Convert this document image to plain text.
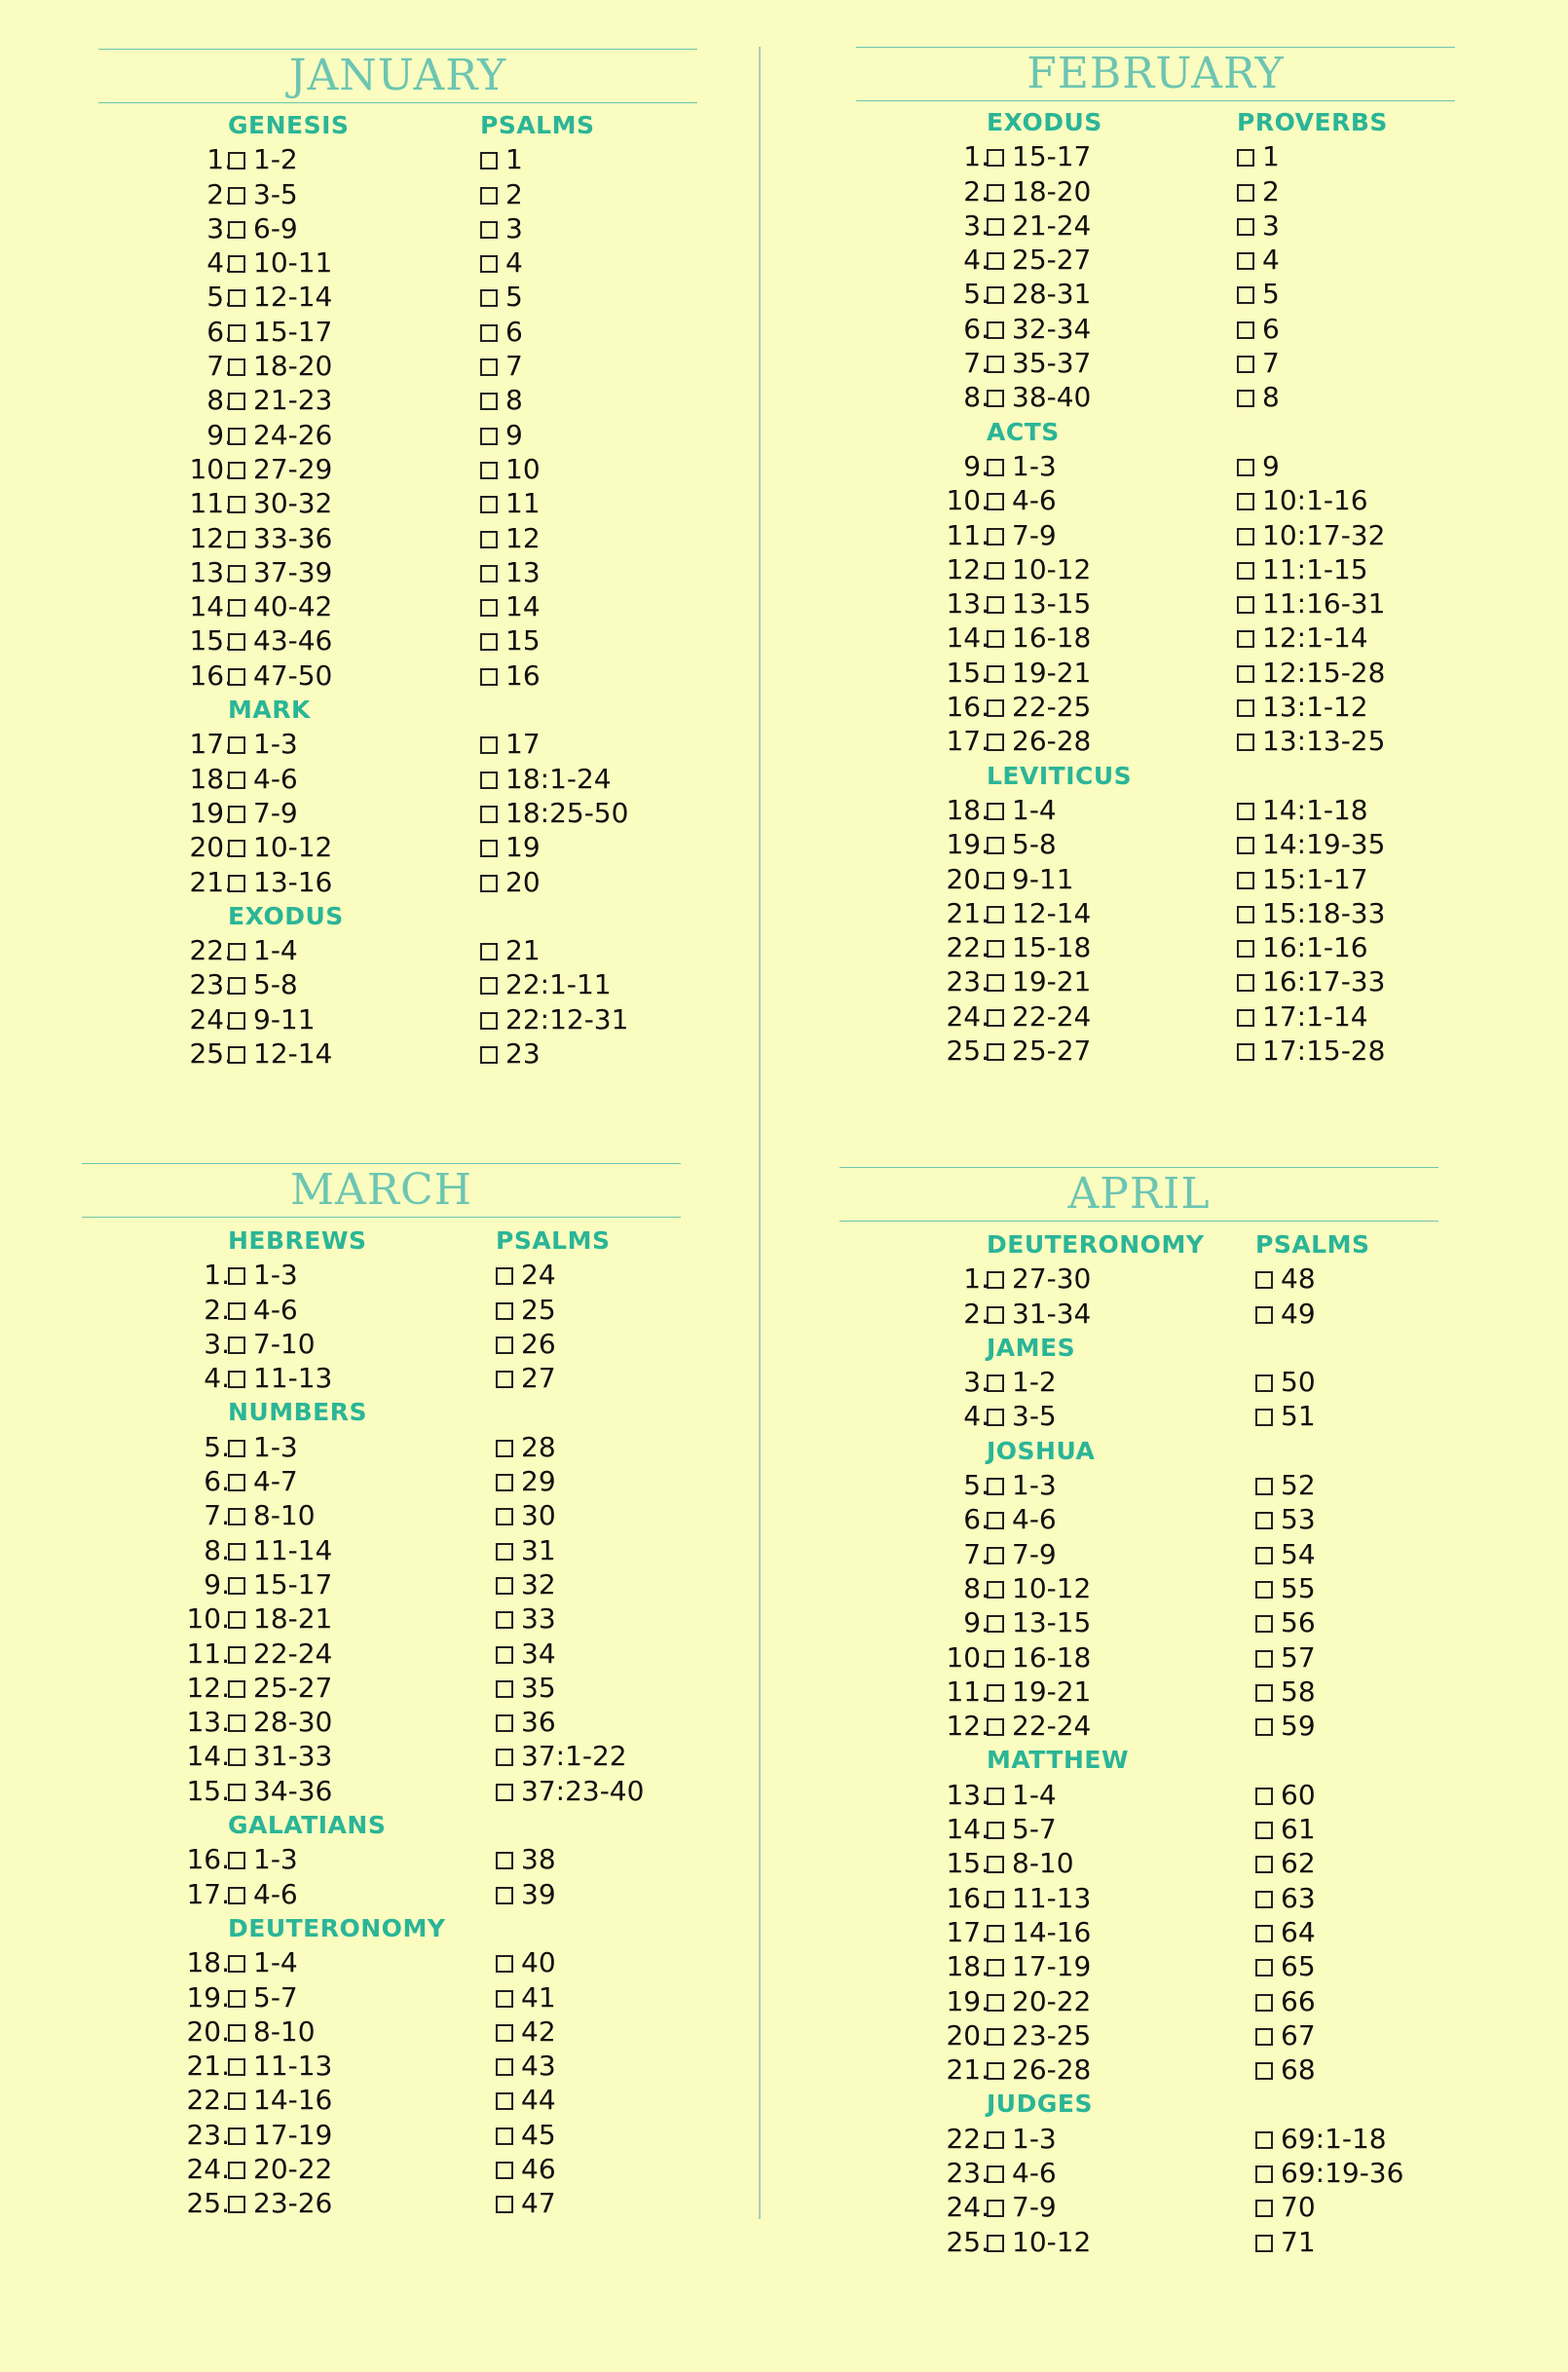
JANUARY
GENESIS	PSALMS
1. 1-2	1
2. 3-5	2
3. 6-9	3
4. 10-11	4
5. 12-14	5
6. 15-17	6
7. 18-20	7
8. 21-23	8
9. 24-26	9
10. 27-29	10
11. 30-32	11
12. 33-36	12
13. 37-39	13
14. 40-42	14
15. 43-46	15
16. 47-50	16
MARK
17. 1-3	17
18. 4-6	18:1-24
19. 7-9	18:25-50
20. 10-12	19
21. 13-16	20
EXODUS
22. 1-4	21
23. 5-8	22:1-11
24. 9-11	22:12-31
25. 12-14	23
FEBRUARY
EXODUS	PROVERBS
1. 15-17	1
2. 18-20	2
3. 21-24	3
4. 25-27	4
5. 28-31	5
6. 32-34	6
7. 35-37	7
8. 38-40	8
ACTS
9. 1-3	9
10. 4-6	10:1-16
11. 7-9	10:17-32
12. 10-12	11:1-15
13. 13-15	11:16-31
14. 16-18	12:1-14
15. 19-21	12:15-28
16. 22-25	13:1-12
17. 26-28	13:13-25
LEVITICUS
18. 1-4	14:1-18
19. 5-8	14:19-35
20. 9-11	15:1-17
21. 12-14	15:18-33
22. 15-18	16:1-16
23. 19-21	16:17-33
24. 22-24	17:1-14
25. 25-27	17:15-28
MARCH
HEBREWS	PSALMS
1. 1-3	24
2. 4-6	25
3. 7-10	26
4. 11-13	27
NUMBERS
5. 1-3	28
6. 4-7	29
7. 8-10	30
8. 11-14	31
9. 15-17	32
10. 18-21	33
11. 22-24	34
12. 25-27	35
13. 28-30	36
14. 31-33	37:1-22
15. 34-36	37:23-40
GALATIANS
16. 1-3	38
17. 4-6	39
DEUTERONOMY
18. 1-4	40
19. 5-7	41
20. 8-10	42
21. 11-13	43
22. 14-16	44
23. 17-19	45
24. 20-22	46
25. 23-26	47
APRIL
DEUTERONOMY PSALMS
1. 27-30	48
2. 31-34	49
JAMES
3. 1-2	50
4. 3-5	51
JOSHUA
5. 1-3	52
6. 4-6	53
7. 7-9	54
8. 10-12	55
9. 13-15	56
10. 16-18	57
11. 19-21	58
12. 22-24	59
MATTHEW
13. 1-4	60
14. 5-7	61
15. 8-10	62
16. 11-13	63
17. 14-16	64
18. 17-19	65
19. 20-22	66
20. 23-25	67
21. 26-28	68
JUDGES
22. 1-3	69:1-18
23. 4-6	69:19-36
24. 7-9	70
25. 10-12	71
